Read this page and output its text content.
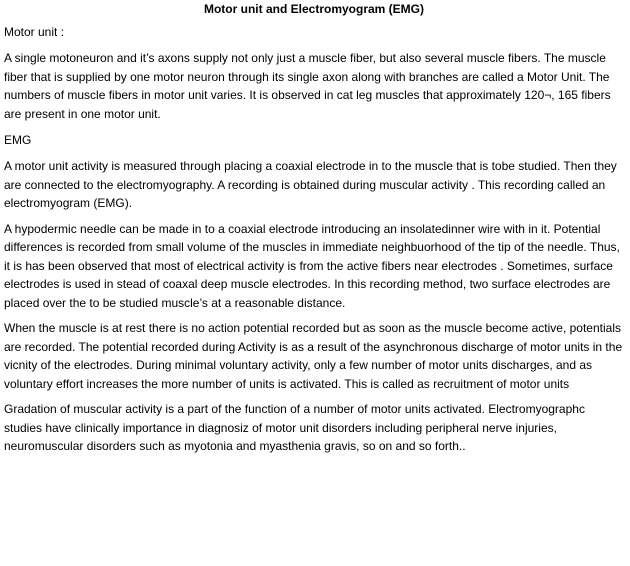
Motor unit and Electromyogram (EMG)

Motor unit :

A single motoneuron and it’s axons supply not only just a muscle fiber, but also several muscle fibers. The muscle fiber that is supplied by one motor neuron through its single axon along with branches are called a Motor Unit. The numbers of muscle fibers in motor unit varies. It is observed in cat leg muscles that approximately 120¬, 165 fibers are present in one motor unit.

EMG

A motor unit activity is measured through placing a coaxial electrode in to the muscle that is tobe studied. Then they are connected to the electromyography. A recording is obtained during muscular activity . This recording called an electromyogram (EMG).

A hypodermic needle can be made in to a coaxial electrode introducing an insolatedinner wire with in it. Potential differences is recorded from small volume of the muscles in immediate neighbuorhood of the tip of the needle. Thus, it is has been observed that most of electrical activity is from the active fibers near electrodes . Sometimes, surface electrodes is used in stead of coaxal deep muscle electrodes. In this recording method, two surface electrodes are placed over the to be studied muscle’s at a reasonable distance.

When the muscle is at rest there is no action potential recorded but as soon as the muscle become active, potentials are recorded. The potential recorded during Activity is as a result of the asynchronous discharge of motor units in the vicnity of the electrodes. During minimal voluntary activity, only a few number of motor units discharges, and as voluntary effort increases the more number of units is activated. This is called as recruitment of motor units

Gradation of muscular activity is a part of the function of a number of motor units activated. Electromyographc studies have clinically importance in diagnosiz of motor unit disorders including peripheral nerve injuries, neuromuscular disorders such as myotonia and myasthenia gravis, so on and so forth..
